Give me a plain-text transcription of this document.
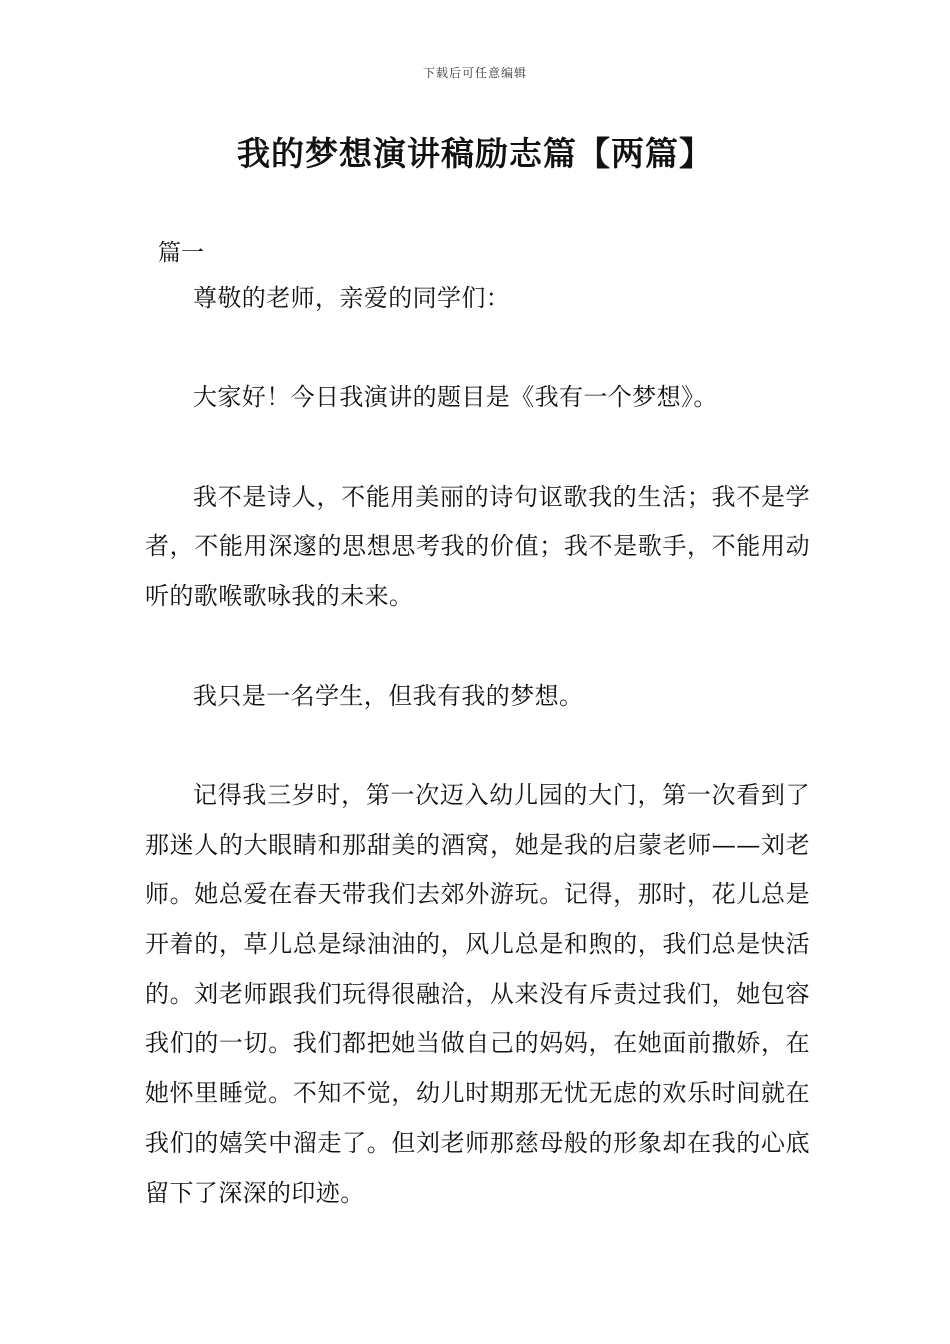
下载后可任意编辑
我的梦想演讲稿励志篇【两篇】
篇一

尊敬的老师，亲爱的同学们：

大家好！今日我演讲的题目是《我有一个梦想》。

我不是诗人，不能用美丽的诗句讴歌我的生活；我不是学者，不能用深邃的思想思考我的价值；我不是歌手，不能用动听的歌喉歌咏我的未来。

我只是一名学生，但我有我的梦想。

记得我三岁时，第一次迈入幼儿园的大门，第一次看到了那迷人的大眼睛和那甜美的酒窝，她是我的启蒙老师——刘老师。她总爱在春天带我们去郊外游玩。记得，那时，花儿总是开着的，草儿总是绿油油的，风儿总是和煦的，我们总是快活的。刘老师跟我们玩得很融洽，从来没有斥责过我们，她包容我们的一切。我们都把她当做自己的妈妈，在她面前撒娇，在她怀里睡觉。不知不觉，幼儿时期那无忧无虑的欢乐时间就在我们的嬉笑中溜走了。但刘老师那慈母般的形象却在我的心底留下了深深的印迹。
